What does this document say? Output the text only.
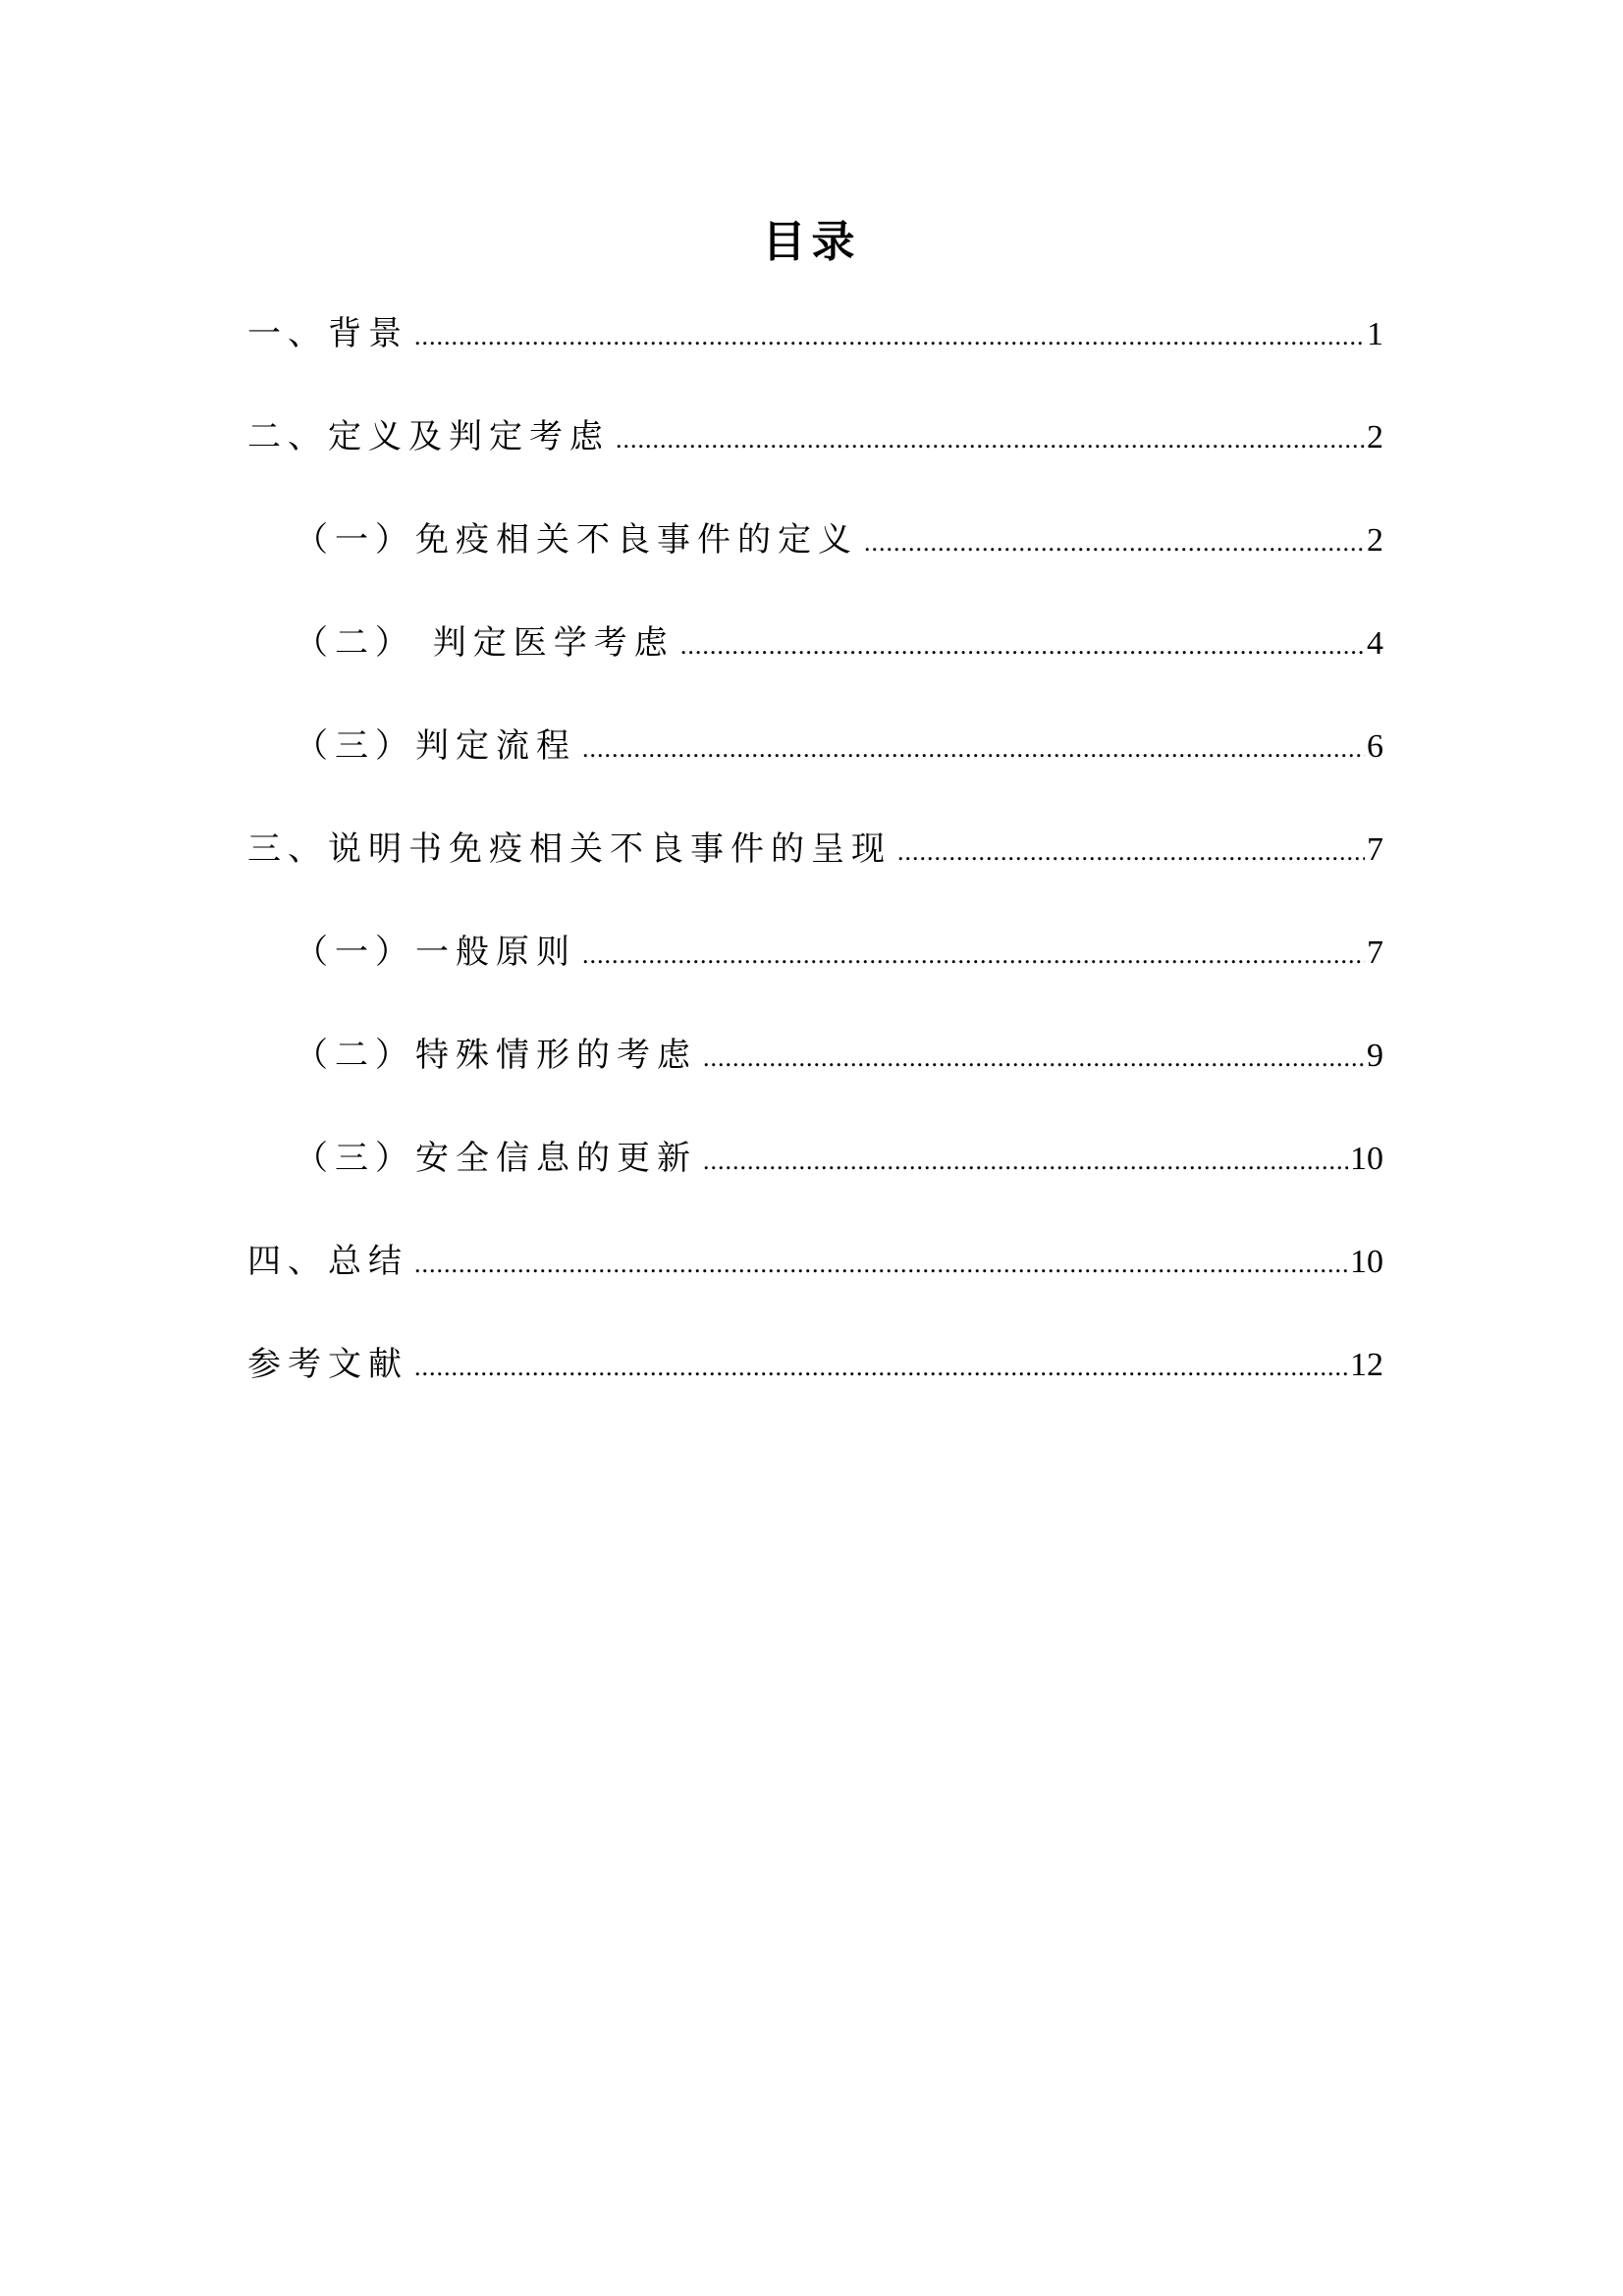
目录
一、背景 .....	1
二、定义及判定考虑 .....	2
（一）免疫相关不良事件的定义 .....	2
（二） 判定医学考虑 .....	4
（三）判定流程 .....	6
三、说明书免疫相关不良事件的呈现 .....	7
（一）一般原则 .....	7
（二）特殊情形的考虑 .....	9
（三）安全信息的更新 .....	10
四、总结 .....	10
参考文献 .....	12
